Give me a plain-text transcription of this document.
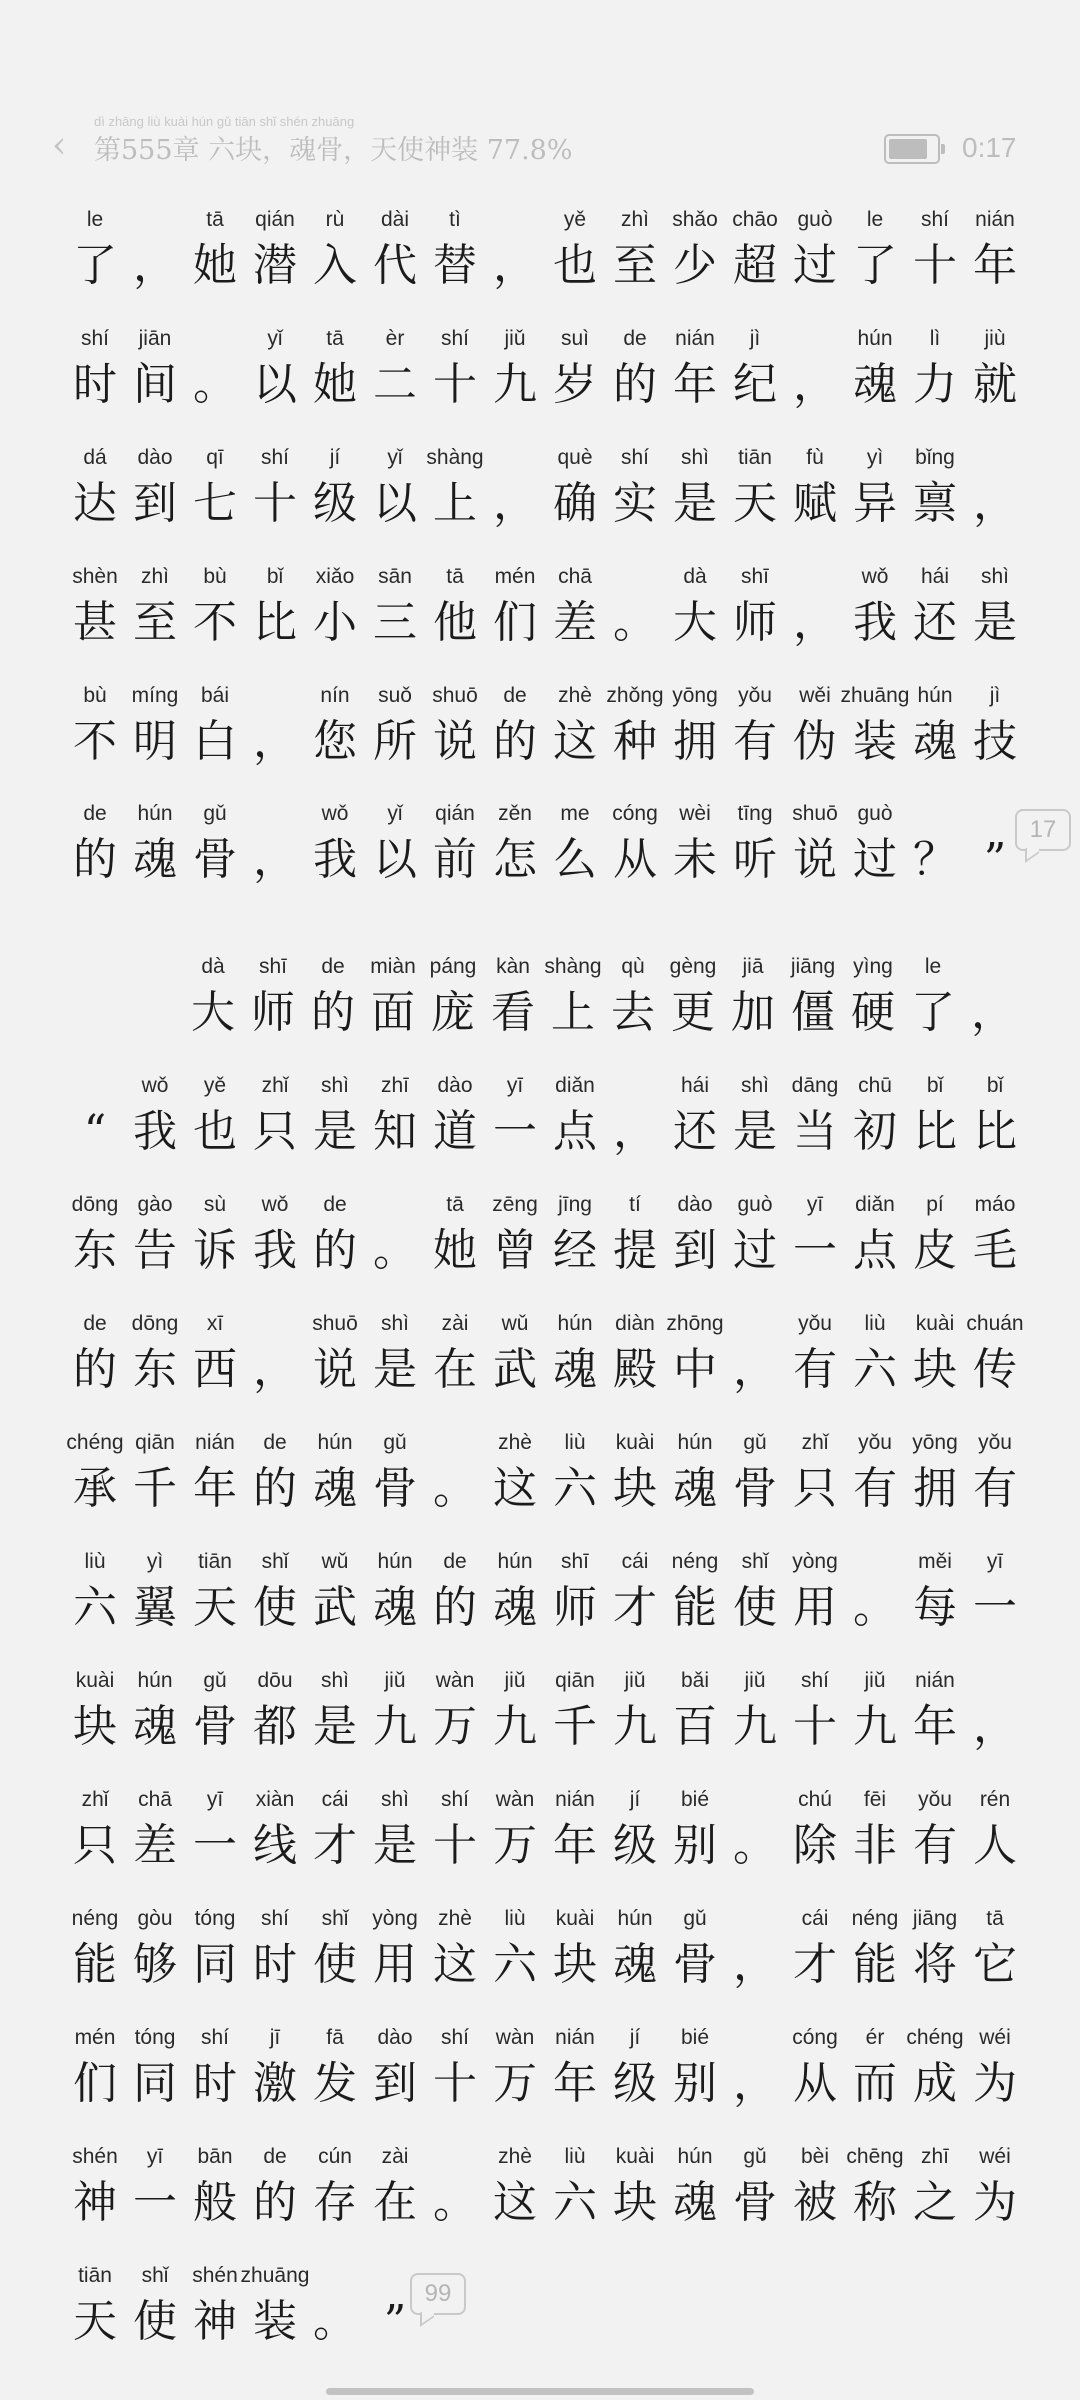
‹
dì zhāng liù kuài hún gǔ tiān shǐ shén zhuāng
第555章 六块，魂骨，天使神装 77.8%	0:17
le
了 ，
tā
她
qián
潜
rù
入
dài
代
tì
替 ，
yě
也
zhì
至
shǎo
少
chāo
超
guò
过
le
了
shí
十
nián
年
shí
时
jiān
间 。
yǐ
以
tā
她
èr
二
shí
十
jiǔ
九
suì
岁
de
的
nián
年
jì
纪 ，
hún
魂
lì
力
jiù
就
dá
达
dào
到
qī
七
shí
十
jí
级
yǐ
以
shàng
上 ，
què
确
shí
实
shì
是
tiān
天
fù
赋
yì
异
bǐng
禀 ，
shèn
甚
zhì
至
bù
不
bǐ
比
xiǎo
小
sān
三
tā
他
mén
们
chā
差 。
dà
大
shī
师 ，
wǒ
我
hái
还
shì
是
bù
不
míng
明
bái
白 ，
nín
您
suǒ
所
shuō
说
de
的
zhè
这
zhǒng
种
yōng
拥
yǒu
有
wěi
伪
zhuāng
装
hún
魂
jì
技
de
的
hún
魂
gǔ
骨 ，
wǒ
我
yǐ
以
qián
前
zěn
怎
me
么
cóng
从
wèi
未
tīng
听
shuō
说
guò
过 ？ ”
dà
大
shī
师
de
的
miàn
面
páng
庞
kàn
看
shàng
上
qù
去
gèng
更
jiā
加
jiāng
僵
yìng
硬
le
了 ，
“
wǒ
我
yě
也
zhǐ
只
shì
是
zhī
知
dào
道
yī
一
diǎn
点 ，
hái
还
shì
是
dāng
当
chū
初
bǐ
比
bǐ
比
dōng
东
gào
告
sù
诉
wǒ
我
de
的 。
tā
她
zēng
曾
jīng
经
tí
提
dào
到
guò
过
yī
一
diǎn
点
pí
皮
máo
毛
de
的
dōng
东
xī
西 ，
shuō
说
shì
是
zài
在
wǔ
武
hún
魂
diàn
殿
zhōng
中 ，
yǒu
有
liù
六
kuài
块
chuán
传
chéng
承
qiān
千
nián
年
de
的
hún
魂
gǔ
骨 。
zhè
这
liù
六
kuài
块
hún
魂
gǔ
骨
zhǐ
只
yǒu
有
yōng
拥
yǒu
有
liù
六
yì
翼
tiān
天
shǐ
使
wǔ
武
hún
魂
de
的
hún
魂
shī
师
cái
才
néng
能
shǐ
使
yòng
用 。
měi
每
yī
一
kuài
块
hún
魂
gǔ
骨
dōu
都
shì
是
jiǔ
九
wàn
万
jiǔ
九
qiān
千
jiǔ
九
bǎi
百
jiǔ
九
shí
十
jiǔ
九
nián
年 ，
zhǐ
只
chā
差
yī
一
xiàn
线
cái
才
shì
是
shí
十
wàn
万
nián
年
jí
级
bié
别 。
chú
除
fēi
非
yǒu
有
rén
人
néng
能
gòu
够
tóng
同
shí
时
shǐ
使
yòng
用
zhè
这
liù
六
kuài
块
hún
魂
gǔ
骨 ，
cái
才
néng
能
jiāng
将
tā
它
mén
们
tóng
同
shí
时
jī
激
fā
发
dào
到
shí
十
wàn
万
nián
年
jí
级
bié
别 ，
cóng
从
ér
而
chéng
成
wéi
为
shén
神
yī
一
bān
般
de
的
cún
存
zài
在 。
zhè
这
liù
六
kuài
块
hún
魂
gǔ
骨
bèi
被
chēng
称
zhī
之
wéi
为
tiān
天
shǐ
使
shén
神
zhuāng
装 。 ”
17
99
